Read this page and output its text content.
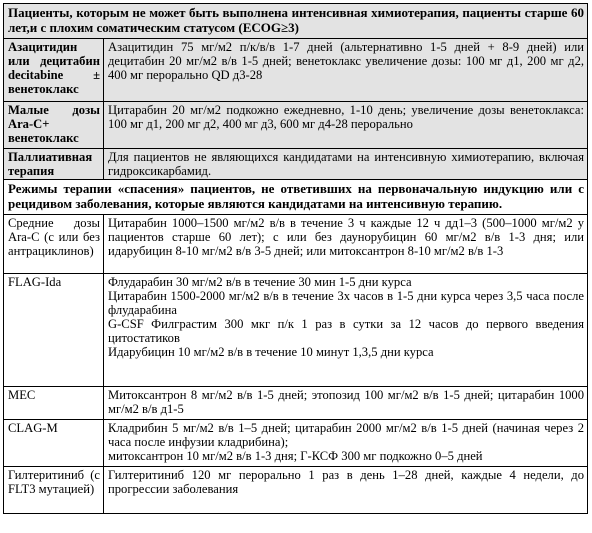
Пациенты, которым не может быть выполнена интенсивная химиотерапия, пациенты старше 60 лет,и с плохим соматическим статусом (ECOG≥3)	
Азацитидин или децитабин decitabine ± венетоклакс	Азацитидин 75 мг/м2 п/к/в/в 1-7 дней (альтернативно 1-5 дней + 8-9 дней) или децитабин 20 мг/м2 в/в 1-5 дней; венетоклакс увеличение дозы: 100 мг д1, 200 мг д2, 400 мг перорально QD д3-28
Малые дозы Ara-C+ венетоклакс	Цитарабин 20 мг/м2 подкожно ежедневно, 1-10 день; увеличение дозы венетоклакса: 100 мг д1, 200 мг д2, 400 мг д3, 600 мг д4-28 перорально
Паллиативная терапия	Для пациентов не являющихся кандидатами на интенсивную химиотерапию, включая гидроксикарбамид.
Режимы терапии «спасения» пациентов, не ответивших на первоначальную индукцию или с рецидивом заболевания, которые являются кандидатами на интенсивную терапию.	
Средние дозы Ara-C (с или без антрациклинов)	Цитарабин 1000–1500 мг/м2 в/в в течение 3 ч каждые 12 ч дд1–3 (500–1000 мг/м2 у пациентов старше 60 лет); с или без даунорубицин 60 мг/м2 в/в 1-3 дня; или идарубицин 8-10 мг/м2 в/в 3-5 дней; или митоксантрон 8-10 мг/м2 в/в 1-3

FLAG-Ida	Флударабин 30 мг/м2 в/в в течение 30 мин 1-5 дни курса
Цитарабин 1500-2000 мг/м2 в/в в течение 3х часов в 1-5 дни курса через 3,5 часа после флударабина
G-CSF Филграстим 300 мкг п/к 1 раз в сутки за 12 часов до первого введения цитостатиков
Идарубицин 10 мг/м2 в/в в течение 10 минут 1,3,5 дни курса

МЕС	Митоксантрон 8 мг/м2 в/в 1-5 дней; этопозид 100 мг/м2 в/в 1-5 дней; цитарабин 1000 мг/м2 в/в д1-5

CLAG-M	Кладрибин 5 мг/м2 в/в 1–5 дней; цитарабин 2000 мг/м2 в/в 1-5 дней (начиная через 2 часа после инфузии кладрибина);
митоксантрон 10 мг/м2 в/в 1-3 дня; Г-КСФ 300 мг подкожно 0–5 дней

Гилтеритиниб (с FLT3 мутацией)	Гилтеритиниб 120 мг перорально 1 раз в день 1–28 дней, каждые 4 недели, до прогрессии заболевания
